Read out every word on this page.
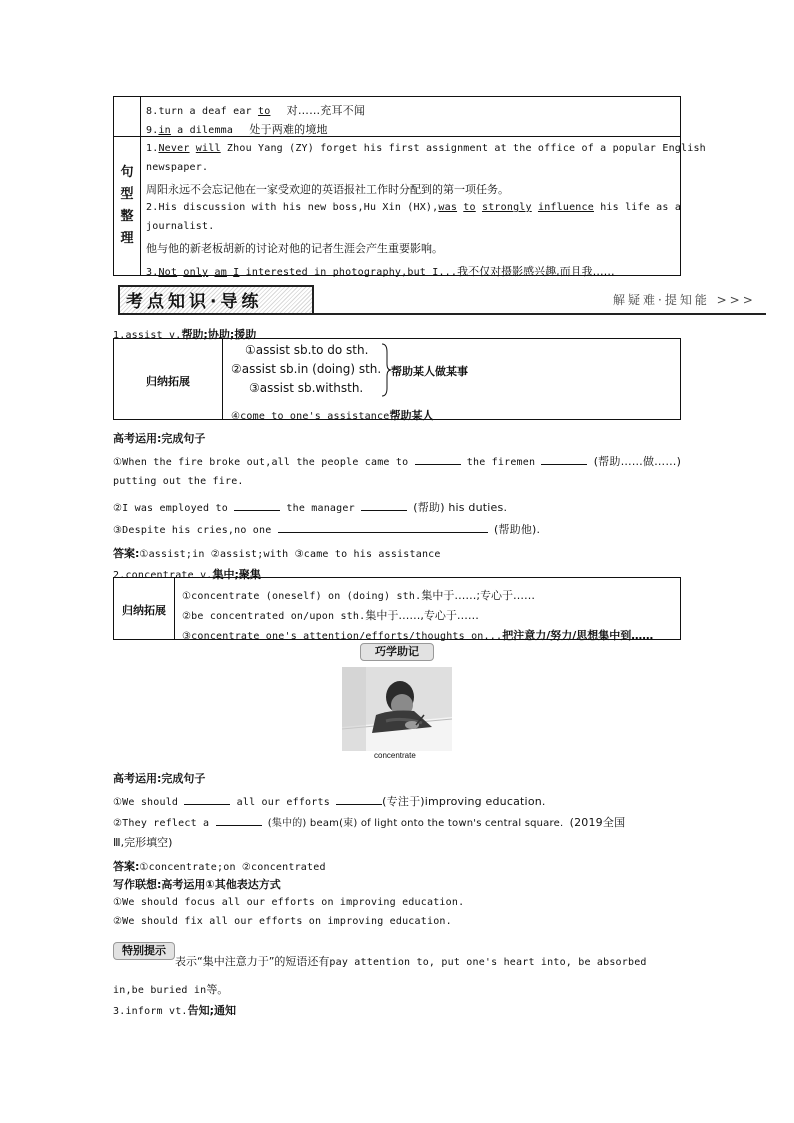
句
型
整
理	

8.turn a deaf ear to 对……充耳不闻
9.in a dilemma 处于两难的境地
1.Never will Zhou Yang (ZY) forget his first assignment at the office of a popular English
newspaper.
周阳永远不会忘记他在一家受欢迎的英语报社工作时分配到的第一项任务。
2.His discussion with his new boss,Hu Xin (HX),was to strongly influence his life as a
journalist.
他与他的新老板胡新的讨论对他的记者生涯会产生重要影响。
3.Not only am I interested in photography,but I...我不仅对摄影感兴趣,而且我……
考点知识·导练	解疑难·提知能 >>>
1.assist v.帮助;协助;援助
归纳拓展	
①assist sb.to do sth.
②assist sb.in (doing) sth.
③assist sb.withsth.
帮助某人做某事
④come to one's assistance帮助某人
高考运用:完成句子
①When the fire broke out,all the people came to	the firemen	(帮助……做……)
putting out the fire.
②I was employed to	the manager	(帮助) his duties.
③Despite his cries,no one	(帮助他).
答案:①assist;in ②assist;with ③came to his assistance
2.concentrate v.集中;聚集
归纳拓展	
①concentrate (oneself) on (doing) sth.集中于……;专心于……
②be concentrated on/upon sth.集中于……,专心于……
③concentrate one's attention/efforts/thoughts on...把注意力/努力/思想集中到……
巧学助记
concentrate
高考运用:完成句子
①We should	all our efforts	(专注于)improving education.
②They reflect a	(集中的) beam(束) of light onto the town's central square. (2019全国
Ⅲ,完形填空)
答案:①concentrate;on ②concentrated
写作联想:高考运用①其他表达方式
①We should focus all our efforts on improving education.
②We should fix all our efforts on improving education.
特别提示
表示“集中注意力于”的短语还有pay attention to, put one's heart into, be absorbed
in,be buried in等。
3.inform vt.告知;通知
